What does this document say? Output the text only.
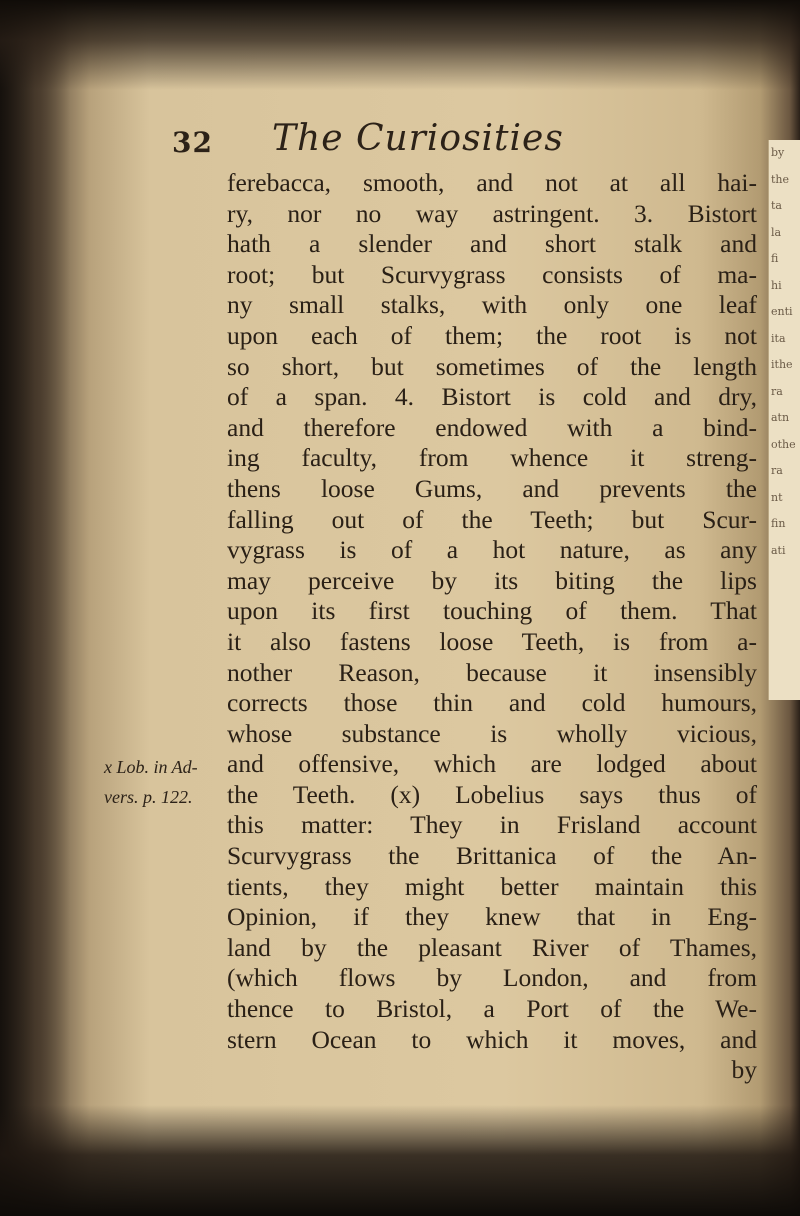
by
the
ta
la
fi
hi
enti
ita
ithe
ra
atn
othe
ra
nt
fin
ati
32 The Curiosities
x Lob. in Ad-
vers. p. 122.
ferebacca, smooth, and not at all hai-
ry, nor no way astringent. 3. Bistort
hath a slender and short stalk and
root; but Scurvygrass consists of ma-
ny small stalks, with only one leaf
upon each of them; the root is not
so short, but sometimes of the length
of a span. 4. Bistort is cold and dry,
and therefore endowed with a bind-
ing faculty, from whence it streng-
thens loose Gums, and prevents the
falling out of the Teeth; but Scur-
vygrass is of a hot nature, as any
may perceive by its biting the lips
upon its first touching of them. That
it also fastens loose Teeth, is from a-
nother Reason, because it insensibly
corrects those thin and cold humours,
whose substance is wholly vicious,
and offensive, which are lodged about
the Teeth. (x) Lobelius says thus of
this matter: They in Frisland account
Scurvygrass the Brittanica of the An-
tients, they might better maintain this
Opinion, if they knew that in Eng-
land by the pleasant River of Thames,
(which flows by London, and from
thence to Bristol, a Port of the We-
stern Ocean to which it moves, and
by
